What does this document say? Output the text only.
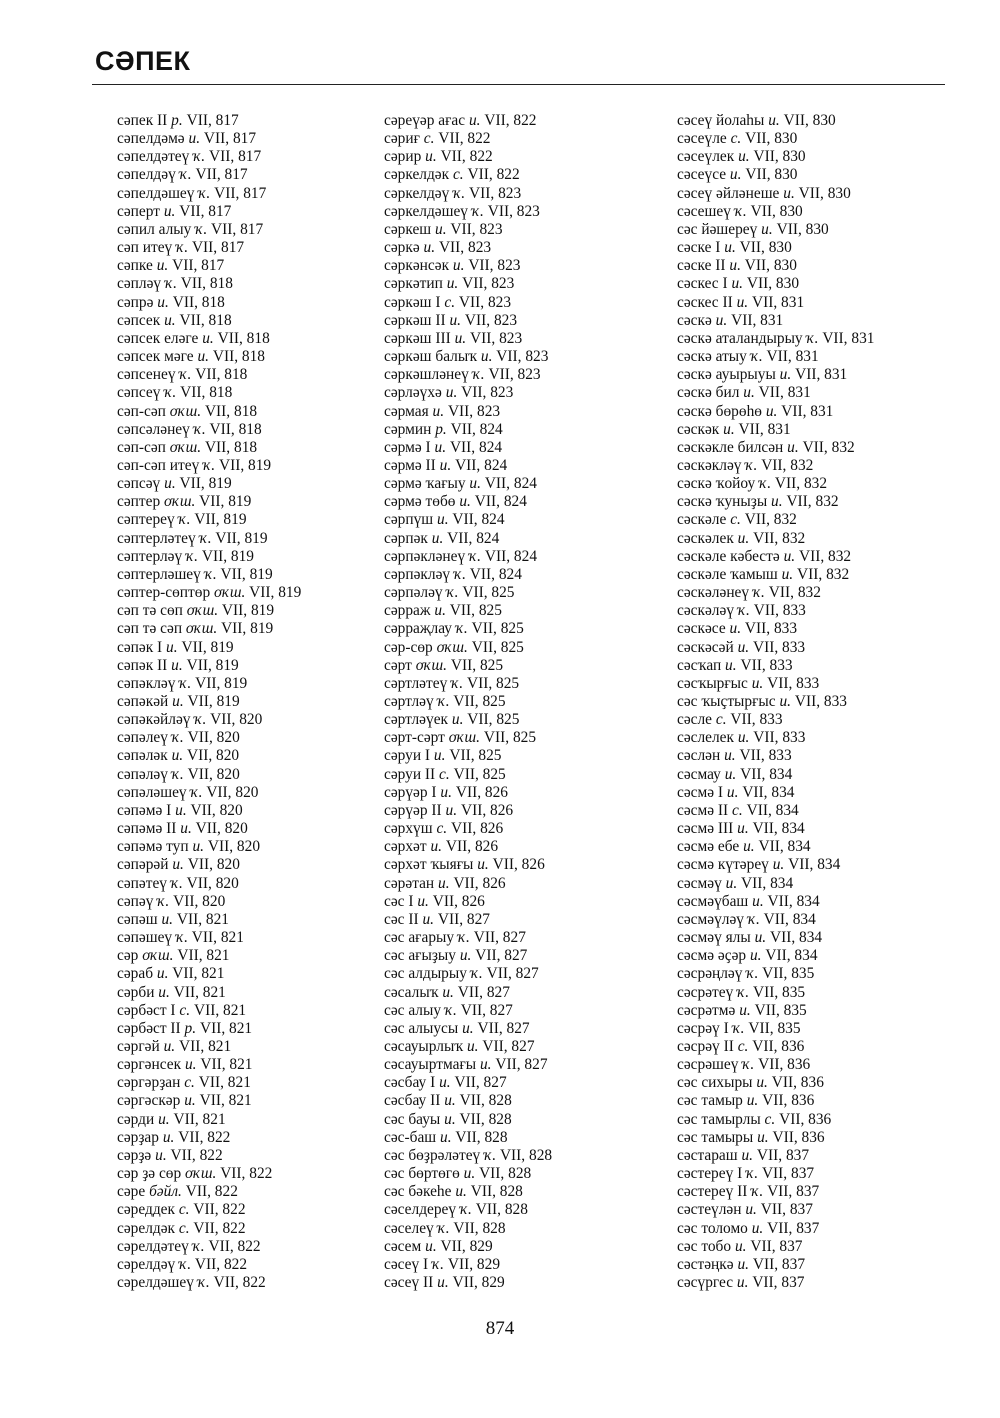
СӘПЕК
сәпек II р. VII, 817
сәпелдәмә и. VII, 817
сәпелдәтеү ҡ. VII, 817
сәпелдәү ҡ. VII, 817
сәпелдәшеү ҡ. VII, 817
сәперт и. VII, 817
сәпил алыу ҡ. VII, 817
сәп итеү ҡ. VII, 817
сәпке и. VII, 817
сәплəү ҡ. VII, 818
сәпрә и. VII, 818
сәпсек и. VII, 818
сәпсек еләге и. VII, 818
сәпсек мәге и. VII, 818
сәпсенеү ҡ. VII, 818
сәпсеү ҡ. VII, 818
сәп-сәп оҡш. VII, 818
сәпсәләнеү ҡ. VII, 818
сәп-сәп оҡш. VII, 818
сәп-сәп итеү ҡ. VII, 819
сәпсәү и. VII, 819
сәптер оҡш. VII, 819
сәптереү ҡ. VII, 819
сәптерләтеү ҡ. VII, 819
сәптерләү ҡ. VII, 819
сәптерләшеү ҡ. VII, 819
сәптер-сөптөр оҡш. VII, 819
сәп тә сөп оҡш. VII, 819
сәп тә сәп оҡш. VII, 819
сәпәк I и. VII, 819
сәпәк II и. VII, 819
сәпәкләү ҡ. VII, 819
сәпәкәй и. VII, 819
сәпәкәйләү ҡ. VII, 820
сәпәлеү ҡ. VII, 820
сәпәләк и. VII, 820
сәпәләү ҡ. VII, 820
сәпәләшеү ҡ. VII, 820
сәпәмә I и. VII, 820
сәпәмә II и. VII, 820
сәпәмә туп и. VII, 820
сәпәрәй и. VII, 820
сәпәтеү ҡ. VII, 820
сәпәү ҡ. VII, 820
сәпәш и. VII, 821
сәпәшеү ҡ. VII, 821
сәр оҡш. VII, 821
сәраб и. VII, 821
сәрби и. VII, 821
сәрбәст I с. VII, 821
сәрбәст II р. VII, 821
сәргәй и. VII, 821
сәргәнсек и. VII, 821
сәргәрҙан с. VII, 821
сәргәскәр и. VII, 821
сәрди и. VII, 821
сәрҙар и. VII, 822
сәрҙә и. VII, 822
сәр ҙә сөр оҡш. VII, 822
сәре бәйл. VII, 822
сәреддек с. VII, 822
сәрелдәк с. VII, 822
сәрелдәтеү ҡ. VII, 822
сәрелдәү ҡ. VII, 822
сәрелдәшеү ҡ. VII, 822
сәреүәр ағас и. VII, 822
сәриғ с. VII, 822
сәрир и. VII, 822
сәркелдәк с. VII, 822
сәркелдәү ҡ. VII, 823
сәркелдәшеү ҡ. VII, 823
сәркеш и. VII, 823
сәркә и. VII, 823
сәркәнсәк и. VII, 823
сәркәтип и. VII, 823
сәркәш I с. VII, 823
сәркәш II и. VII, 823
сәркәш III и. VII, 823
сәркәш балыҡ и. VII, 823
сәркәшләнеү ҡ. VII, 823
сәрләүхә и. VII, 823
сәрмая и. VII, 823
сәрмин р. VII, 824
сәрмә I и. VII, 824
сәрмә II и. VII, 824
сәрмә ҡағыу и. VII, 824
сәрмә төбө и. VII, 824
сәрпүш и. VII, 824
сәрпәк и. VII, 824
сәрпәкләнеү ҡ. VII, 824
сәрпәкләү ҡ. VII, 824
сәрпәләү ҡ. VII, 825
сәрраж и. VII, 825
сәрраҗлау ҡ. VII, 825
сәр-сөр оҡш. VII, 825
сәрт оҡш. VII, 825
сәртләтеү ҡ. VII, 825
сәртләү ҡ. VII, 825
сәртләүек и. VII, 825
сәрт-сәрт оҡш. VII, 825
сәруи I и. VII, 825
сәруи II с. VII, 825
сәрүәр I и. VII, 826
сәрүәр II и. VII, 826
сәрхүш с. VII, 826
сәрхәт и. VII, 826
сәрхәт ҡыяғы и. VII, 826
сәрәтан и. VII, 826
сәс I и. VII, 826
сәс II и. VII, 827
сәс ағарыу ҡ. VII, 827
сәс ағыҙыу и. VII, 827
сәс алдырыу ҡ. VII, 827
сәсалыҡ и. VII, 827
сәс алыу ҡ. VII, 827
сәс алыусы и. VII, 827
сәсауырлыҡ и. VII, 827
сәсауыртмағы и. VII, 827
сәсбау I и. VII, 827
сәсбау II и. VII, 828
сәс бауы и. VII, 828
сәс-баш и. VII, 828
сәс бөҙрәләтеү ҡ. VII, 828
сәс бөртөгө и. VII, 828
сәс бәкеһе и. VII, 828
сәселдереү ҡ. VII, 828
сәселеү ҡ. VII, 828
сәсем и. VII, 829
сәсеү I ҡ. VII, 829
сәсеү II и. VII, 829
сәсеү йолаһы и. VII, 830
сәсеүле с. VII, 830
сәсеүлек и. VII, 830
сәсеүсе и. VII, 830
сәсеү әйләнеше и. VII, 830
сәсешеү ҡ. VII, 830
сәс йәшереү и. VII, 830
сәске I и. VII, 830
сәске II и. VII, 830
сәскес I и. VII, 830
сәскес II и. VII, 831
сәскә и. VII, 831
сәскә аталандырыу ҡ. VII, 831
сәскә атыу ҡ. VII, 831
сәскә ауырыуы и. VII, 831
сәскә бил и. VII, 831
сәскә бөрөһө и. VII, 831
сәскәк и. VII, 831
сәскәкле билсән и. VII, 832
сәскәкләү ҡ. VII, 832
сәскә ҡойоу ҡ. VII, 832
сәскә ҡуныҙы и. VII, 832
сәскәле с. VII, 832
сәскәлек и. VII, 832
сәскәле кәбестә и. VII, 832
сәскәле ҡамыш и. VII, 832
сәскәләнеү ҡ. VII, 832
сәскәләү ҡ. VII, 833
сәскәсе и. VII, 833
сәскәсәй и. VII, 833
сәсҡап и. VII, 833
сәсҡырғыс и. VII, 833
сәс ҡыҫтырғыс и. VII, 833
сәсле с. VII, 833
сәслелек и. VII, 833
сәслән и. VII, 833
сәсмау и. VII, 834
сәсмә I и. VII, 834
сәсмә II с. VII, 834
сәсмә III и. VII, 834
сәсмә ебе и. VII, 834
сәсмә күтәреү и. VII, 834
сәсмәү и. VII, 834
сәсмәүбаш и. VII, 834
сәсмәүләү ҡ. VII, 834
сәсмәү ялы и. VII, 834
сәсмә әҫәр и. VII, 834
сәсрәңләү ҡ. VII, 835
сәсрәтеү ҡ. VII, 835
сәсрәтмә и. VII, 835
сәсрәү I ҡ. VII, 835
сәсрәү II с. VII, 836
сәсрәшеү ҡ. VII, 836
сәс сихыры и. VII, 836
сәс тамыр и. VII, 836
сәс тамырлы с. VII, 836
сәс тамыры и. VII, 836
сәстараш и. VII, 837
сәстереү I ҡ. VII, 837
сәстереү II ҡ. VII, 837
сәстеүлән и. VII, 837
сәс толомо и. VII, 837
сәс тобо и. VII, 837
сәстәңкә и. VII, 837
сәсүргес и. VII, 837
874
